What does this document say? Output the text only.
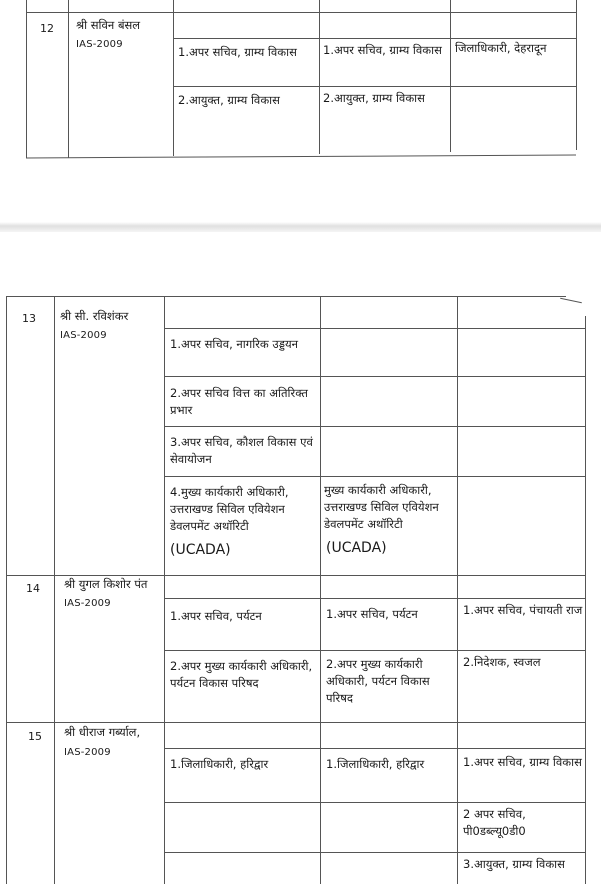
12 श्री सविन बंसल
IAS-2009
1.अपर सचिव, ग्राम्य विकास
2.आयुक्त, ग्राम्य विकास
1.अपर सचिव, ग्राम्य विकास
2.आयुक्त, ग्राम्य विकास
जिलाधिकारी, देहरादून
13 श्री सी. रविशंकर
IAS-2009
1.अपर सचिव, नागरिक उड्डयन
2.अपर सचिव वित्त का अतिरिक्त प्रभार
3.अपर सचिव, कौशल विकास एवं सेवायोजन
4.मुख्य कार्यकारी अधिकारी, उत्तराखण्ड सिविल एवियेशन डेवलपमेंट अथॉरिटी
(UCADA)
मुख्य कार्यकारी अधिकारी, उत्तराखण्ड सिविल एवियेशन डेवलपमेंट अथॉरिटी
(UCADA)
14 श्री युगल किशोर पंत
IAS-2009
1.अपर सचिव, पर्यटन
2.अपर मुख्य कार्यकारी अधिकारी, पर्यटन विकास परिषद
1.अपर सचिव, पर्यटन
2.अपर मुख्य कार्यकारी अधिकारी, पर्यटन विकास परिषद
1.अपर सचिव, पंचायती राज
2.निदेशक, स्वजल
15 श्री धीराज गर्ब्याल,
IAS-2009
1.जिलाधिकारी, हरिद्वार	1.जिलाधिकारी, हरिद्वार	1.अपर सचिव, ग्राम्य विकास
2 अपर सचिव, पी0डब्ल्यू0डी0
3.आयुक्त, ग्राम्य विकास
